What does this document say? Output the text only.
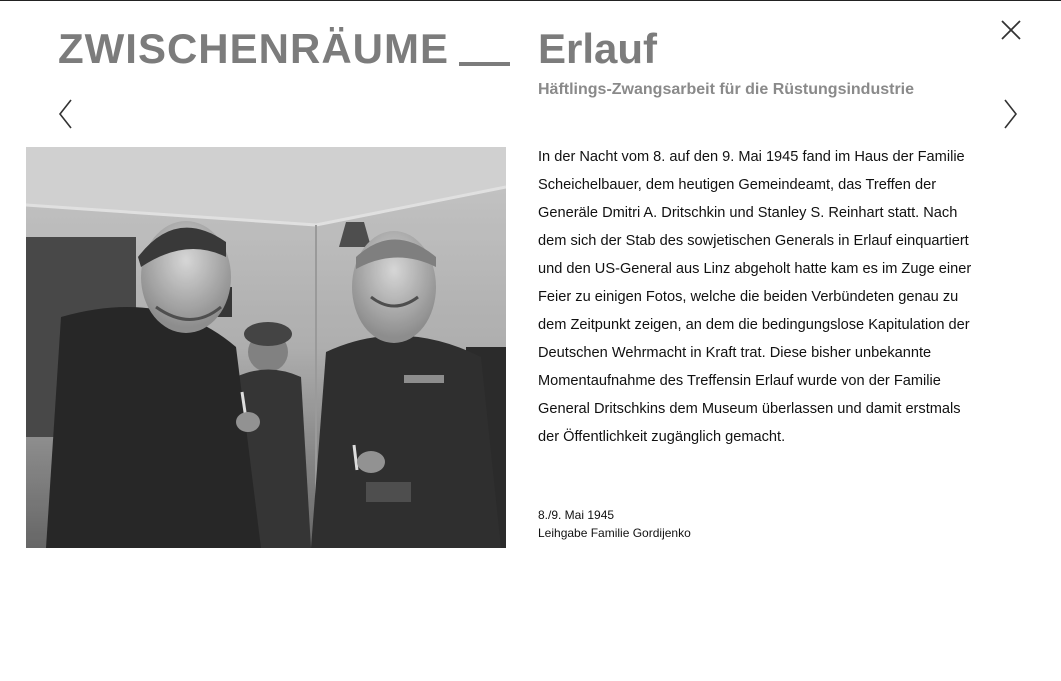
ZWISCHENRÄUME Erlauf
Häftlings-Zwangsarbeit für die Rüstungsindustrie
In der Nacht vom 8. auf den 9. Mai 1945 fand im Haus der Familie Scheichelbauer, dem heutigen Gemeindeamt, das Treffen der Generäle Dmitri A. Dritschkin und Stanley S. Reinhart statt. Nach dem sich der Stab des sowjetischen Generals in Erlauf einquartiert und den US-General aus Linz abgeholt hatte kam es im Zuge einer Feier zu einigen Fotos, welche die beiden Verbündeten genau zu dem Zeitpunkt zeigen, an dem die bedingungslose Kapitulation der Deutschen Wehrmacht in Kraft trat. Diese bisher unbekannte Momentaufnahme des Treffensin Erlauf wurde von der Familie General Dritschkins dem Museum überlassen und damit erstmals der Öffentlichkeit zugänglich gemacht.
8./9. Mai 1945
Leihgabe Familie Gordijenko
